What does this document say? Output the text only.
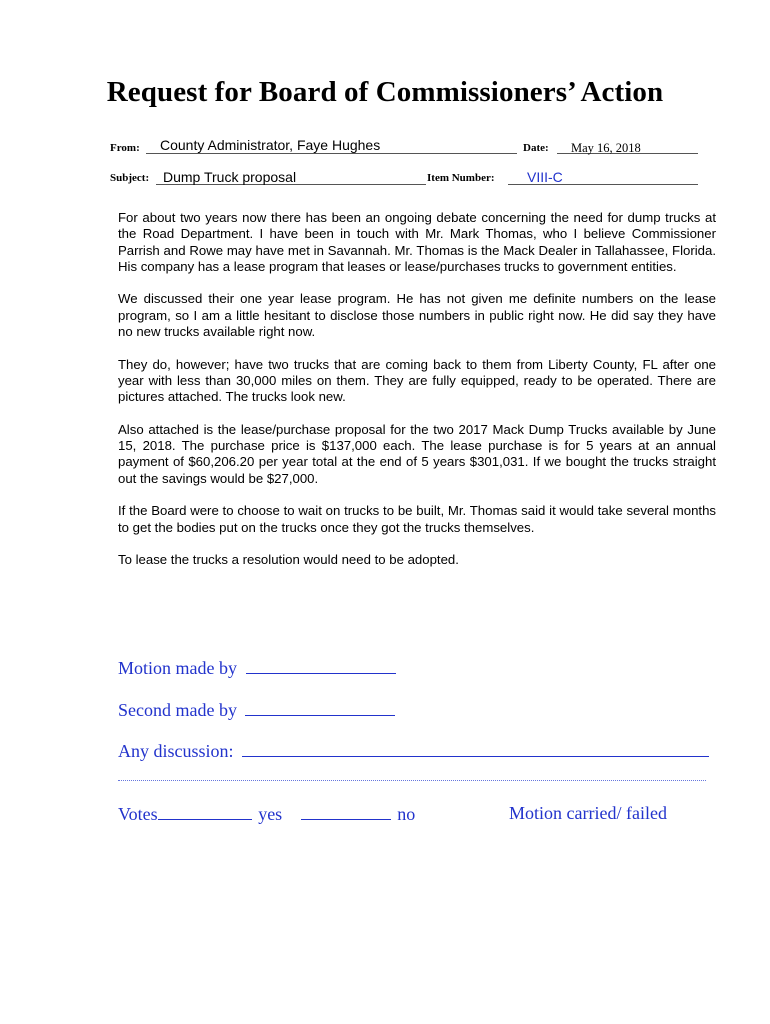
Request for Board of Commissioners’ Action
From: County Administrator, Faye Hughes	Date: May 16, 2018
Subject: Dump Truck proposal	Item Number: VIII-C

For about two years now there has been an ongoing debate concerning the need for dump trucks at the Road Department. I have been in touch with Mr. Mark Thomas, who I believe Commissioner Parrish and Rowe may have met in Savannah. Mr. Thomas is the Mack Dealer in Tallahassee, Florida. His company has a lease program that leases or lease/purchases trucks to government entities.

We discussed their one year lease program. He has not given me definite numbers on the lease program, so I am a little hesitant to disclose those numbers in public right now. He did say they have no new trucks available right now.

They do, however; have two trucks that are coming back to them from Liberty County, FL after one year with less than 30,000 miles on them. They are fully equipped, ready to be operated. There are pictures attached. The trucks look new.

Also attached is the lease/purchase proposal for the two 2017 Mack Dump Trucks available by June 15, 2018. The purchase price is $137,000 each. The lease purchase is for 5 years at an annual payment of $60,206.20 per year total at the end of 5 years $301,031. If we bought the trucks straight out the savings would be $27,000.

If the Board were to choose to wait on trucks to be built, Mr. Thomas said it would take several months to get the bodies put on the trucks once they got the trucks themselves.

To lease the trucks a resolution would need to be adopted.

Motion made by
Second made by
Any discussion:
Votes	yes	no	Motion carried/ failed
